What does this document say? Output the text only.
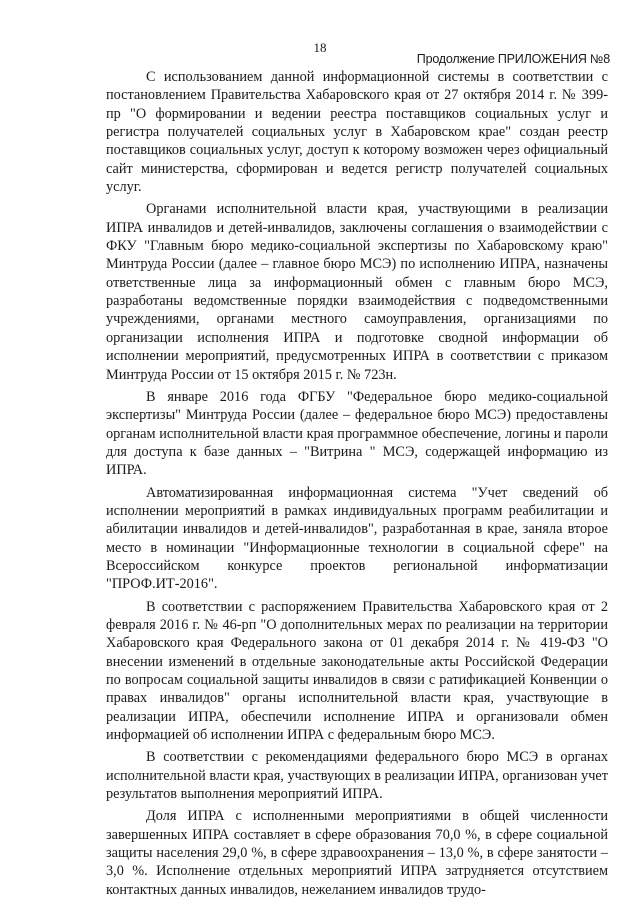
18
Продолжение ПРИЛОЖЕНИЯ №8

С использованием данной информационной системы в соответствии с постановлением Правительства Хабаровского края от 27 октября 2014 г. № 399-пр "О формировании и ведении реестра поставщиков социальных услуг и регистра получателей социальных услуг в Хабаровском крае" создан реестр поставщиков социальных услуг, доступ к которому возможен через официальный сайт министерства, сформирован и ведется регистр получателей социальных услуг.

Органами исполнительной власти края, участвующими в реализации ИПРА инвалидов и детей-инвалидов, заключены соглашения о взаимодействии с ФКУ "Главным бюро медико-социальной экспертизы по Хабаровскому краю" Минтруда России (далее – главное бюро МСЭ) по исполнению ИПРА, назначены ответственные лица за информационный обмен с главным бюро МСЭ, разработаны ведомственные порядки взаимодействия с подведомственными учреждениями, органами местного самоуправления, организациями по организации исполнения ИПРА и подготовке сводной информации об исполнении мероприятий, предусмотренных ИПРА в соответствии с приказом Минтруда России от 15 октября 2015 г. № 723н.

В январе 2016 года ФГБУ "Федеральное бюро медико-социальной экспертизы" Минтруда России (далее – федеральное бюро МСЭ) предоставлены органам исполнительной власти края программное обеспечение, логины и пароли для доступа к базе данных – "Витрина " МСЭ, содержащей информацию из ИПРА.

Автоматизированная информационная система "Учет сведений об исполнении мероприятий в рамках индивидуальных программ реабилитации и абилитации инвалидов и детей-инвалидов", разработанная в крае, заняла второе место в номинации "Информационные технологии в социальной сфере" на Всероссийском конкурсе проектов региональной информатизации "ПРОФ.ИТ-2016".

В соответствии с распоряжением Правительства Хабаровского края от 2 февраля 2016 г. № 46-рп "О дополнительных мерах по реализации на территории Хабаровского края Федерального закона от 01 декабря 2014 г. № 419-ФЗ "О внесении изменений в отдельные законодательные акты Российской Федерации по вопросам социальной защиты инвалидов в связи с ратификацией Конвенции о правах инвалидов" органы исполнительной власти края, участвующие в реализации ИПРА, обеспечили исполнение ИПРА и организовали обмен информацией об исполнении ИПРА с федеральным бюро МСЭ.

В соответствии с рекомендациями федерального бюро МСЭ в органах исполнительной власти края, участвующих в реализации ИПРА, организован учет результатов выполнения мероприятий ИПРА.

Доля ИПРА с исполненными мероприятиями в общей численности завершенных ИПРА составляет в сфере образования 70,0 %, в сфере социальной защиты населения 29,0 %, в сфере здравоохранения – 13,0 %, в сфере занятости – 3,0 %. Исполнение отдельных мероприятий ИПРА затрудняется отсутствием контактных данных инвалидов, нежеланием инвалидов трудо-
